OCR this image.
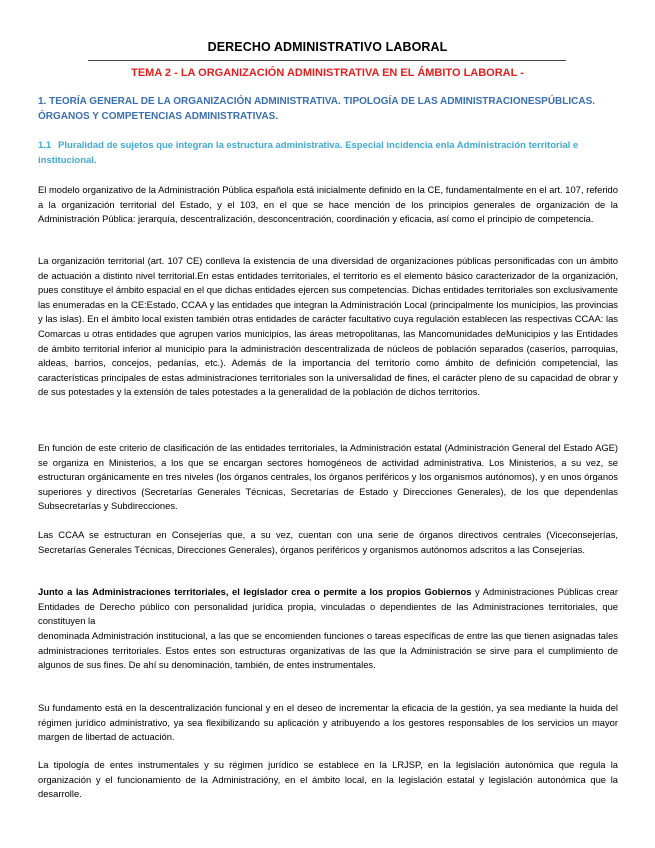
DERECHO ADMINISTRATIVO LABORAL
TEMA 2 - LA ORGANIZACIÓN ADMINISTRATIVA EN EL ÁMBITO LABORAL -
1. TEORÍA GENERAL DE LA ORGANIZACIÓN ADMINISTRATIVA. TIPOLOGÍA DE LAS ADMINISTRACIONESPÚBLICAS. ÓRGANOS Y COMPETENCIAS ADMINISTRATIVAS.
1.1 Pluralidad de sujetos que integran la estructura administrativa. Especial incidencia enla Administración territorial e institucional.

El modelo organizativo de la Administración Pública española está inicialmente definido en la CE, fundamentalmente en el art. 107, referido a la organización territorial del Estado, y el 103, en el que se hace mención de los principios generales de organización de la Administración Pública: jerarquía, descentralización, desconcentración, coordinación y eficacia, así como el principio de competencia.

La organización territorial (art. 107 CE) conlleva la existencia de una diversidad de organizaciones públicas personificadas con un ámbito de actuación a distinto nivel territorial.En estas entidades territoriales, el territorio es el elemento básico caracterizador de la organización, pues constituye el ámbito espacial en el que dichas entidades ejercen sus competencias. Dichas entidades territoriales son exclusivamente las enumeradas en la CE:Estado, CCAA y las entidades que integran la Administración Local (principalmente los municipios, las provincias y las islas). En el ámbito local existen también otras entidades de carácter facultativo cuya regulación establecen las respectivas CCAA: las Comarcas u otras entidades que agrupen varios municipios, las áreas metropolitanas, las Mancomunidades deMunicipios y las Entidades de ámbito territorial inferior al municipio para la administración descentralizada de núcleos de población separados (caseríos, parroquias, aldeas, barrios, concejos, pedanías, etc.). Además de la importancia del territorio como ámbito de definición competencial, las características principales de estas administraciones territoriales son la universalidad de fines, el carácter pleno de su capacidad de obrar y de sus potestades y la extensión de tales potestades a la generalidad de la población de dichos territorios.

En función de este criterio de clasificación de las entidades territoriales, la Administración estatal (Administración General del Estado AGE) se organiza en Ministerios, a los que se encargan sectores homogéneos de actividad administrativa. Los Ministerios, a su vez, se estructuran orgánicamente en tres niveles (los órganos centrales, los órganos periféricos y los organismos autónomos), y en unos órganos superiores y directivos (Secretarías Generales Técnicas, Secretarías de Estado y Direcciones Generales), de los que dependenlas Subsecretarías y Subdirecciones.

Las CCAA se estructuran en Consejerías que, a su vez, cuentan con una serie de órganos directivos centrales (Viceconsejerías, Secretarías Generales Técnicas, Direcciones Generales), órganos periféricos y organismos autónomos adscritos a las Consejerías.

Junto a las Administraciones territoriales, el legislador crea o permite a los propios Gobiernos y Administraciones Públicas crear Entidades de Derecho público con personalidad jurídica propia, vinculadas o dependientes de las Administraciones territoriales, que constituyen la

denominada Administración institucional, a las que se encomienden funciones o tareas específicas de entre las que tienen asignadas tales administraciones territoriales. Estos entes son estructuras organizativas de las que la Administración se sirve para el cumplimiento de algunos de sus fines. De ahí su denominación, también, de entes instrumentales.

Su fundamento está en la descentralización funcional y en el deseo de incrementar la eficacia de la gestión, ya sea mediante la huida del régimen jurídico administrativo, ya sea flexibilizando su aplicación y atribuyendo a los gestores responsables de los servicios un mayor margen de libertad de actuación.

La tipología de entes instrumentales y su régimen jurídico se establece en la LRJSP, en la legislación autonómica que regula la organización y el funcionamiento de la Administracióny, en el ámbito local, en la legislación estatal y legislación autonómica que la desarrolle.
